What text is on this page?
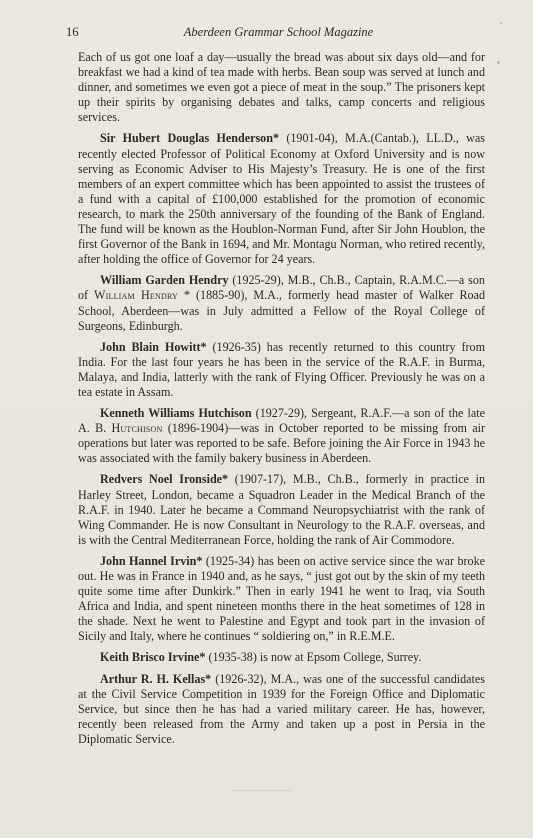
16	Aberdeen Grammar School Magazine

Each of us got one loaf a day—usually the bread was about six days old—and for breakfast we had a kind of tea made with herbs. Bean soup was served at lunch and dinner, and sometimes we even got a piece of meat in the soup.” The prisoners kept up their spirits by organising debates and talks, camp concerts and religious services.

Sir Hubert Douglas Henderson* (1901-04), M.A.(Cantab.), LL.D., was recently elected Professor of Political Economy at Oxford University and is now serving as Economic Adviser to His Majesty’s Treasury. He is one of the first members of an expert committee which has been appointed to assist the trustees of a fund with a capital of £100,000 established for the promotion of economic research, to mark the 250th anniversary of the founding of the Bank of England. The fund will be known as the Houblon-Norman Fund, after Sir John Houblon, the first Governor of the Bank in 1694, and Mr. Montagu Norman, who retired recently, after holding the office of Governor for 24 years.

William Garden Hendry (1925-29), M.B., Ch.B., Captain, R.A.M.C.—a son of William Hendry * (1885-90), M.A., formerly head master of Walker Road School, Aberdeen—was in July admitted a Fellow of the Royal College of Surgeons, Edinburgh.

John Blain Howitt* (1926-35) has recently returned to this country from India. For the last four years he has been in the service of the R.A.F. in Burma, Malaya, and India, latterly with the rank of Flying Officer. Previously he was on a tea estate in Assam.

Kenneth Williams Hutchison (1927-29), Sergeant, R.A.F.—a son of the late A. B. Hutchison (1896-1904)—was in October reported to be missing from air operations but later was reported to be safe. Before joining the Air Force in 1943 he was associated with the family bakery business in Aberdeen.

Redvers Noel Ironside* (1907-17), M.B., Ch.B., formerly in practice in Harley Street, London, became a Squadron Leader in the Medical Branch of the R.A.F. in 1940. Later he became a Command Neuropsychiatrist with the rank of Wing Commander. He is now Consultant in Neurology to the R.A.F. overseas, and is with the Central Mediterranean Force, holding the rank of Air Commodore.

John Hannel Irvin* (1925-34) has been on active service since the war broke out. He was in France in 1940 and, as he says, “ just got out by the skin of my teeth quite some time after Dunkirk.” Then in early 1941 he went to Iraq, via South Africa and India, and spent nineteen months there in the heat sometimes of 128 in the shade. Next he went to Palestine and Egypt and took part in the invasion of Sicily and Italy, where he continues “ soldiering on,” in R.E.M.E.

Keith Brisco Irvine* (1935-38) is now at Epsom College, Surrey.

Arthur R. H. Kellas* (1926-32), M.A., was one of the successful candidates at the Civil Service Competition in 1939 for the Foreign Office and Diplomatic Service, but since then he has had a varied military career. He has, however, recently been released from the Army and taken up a post in Persia in the Diplomatic Service.
